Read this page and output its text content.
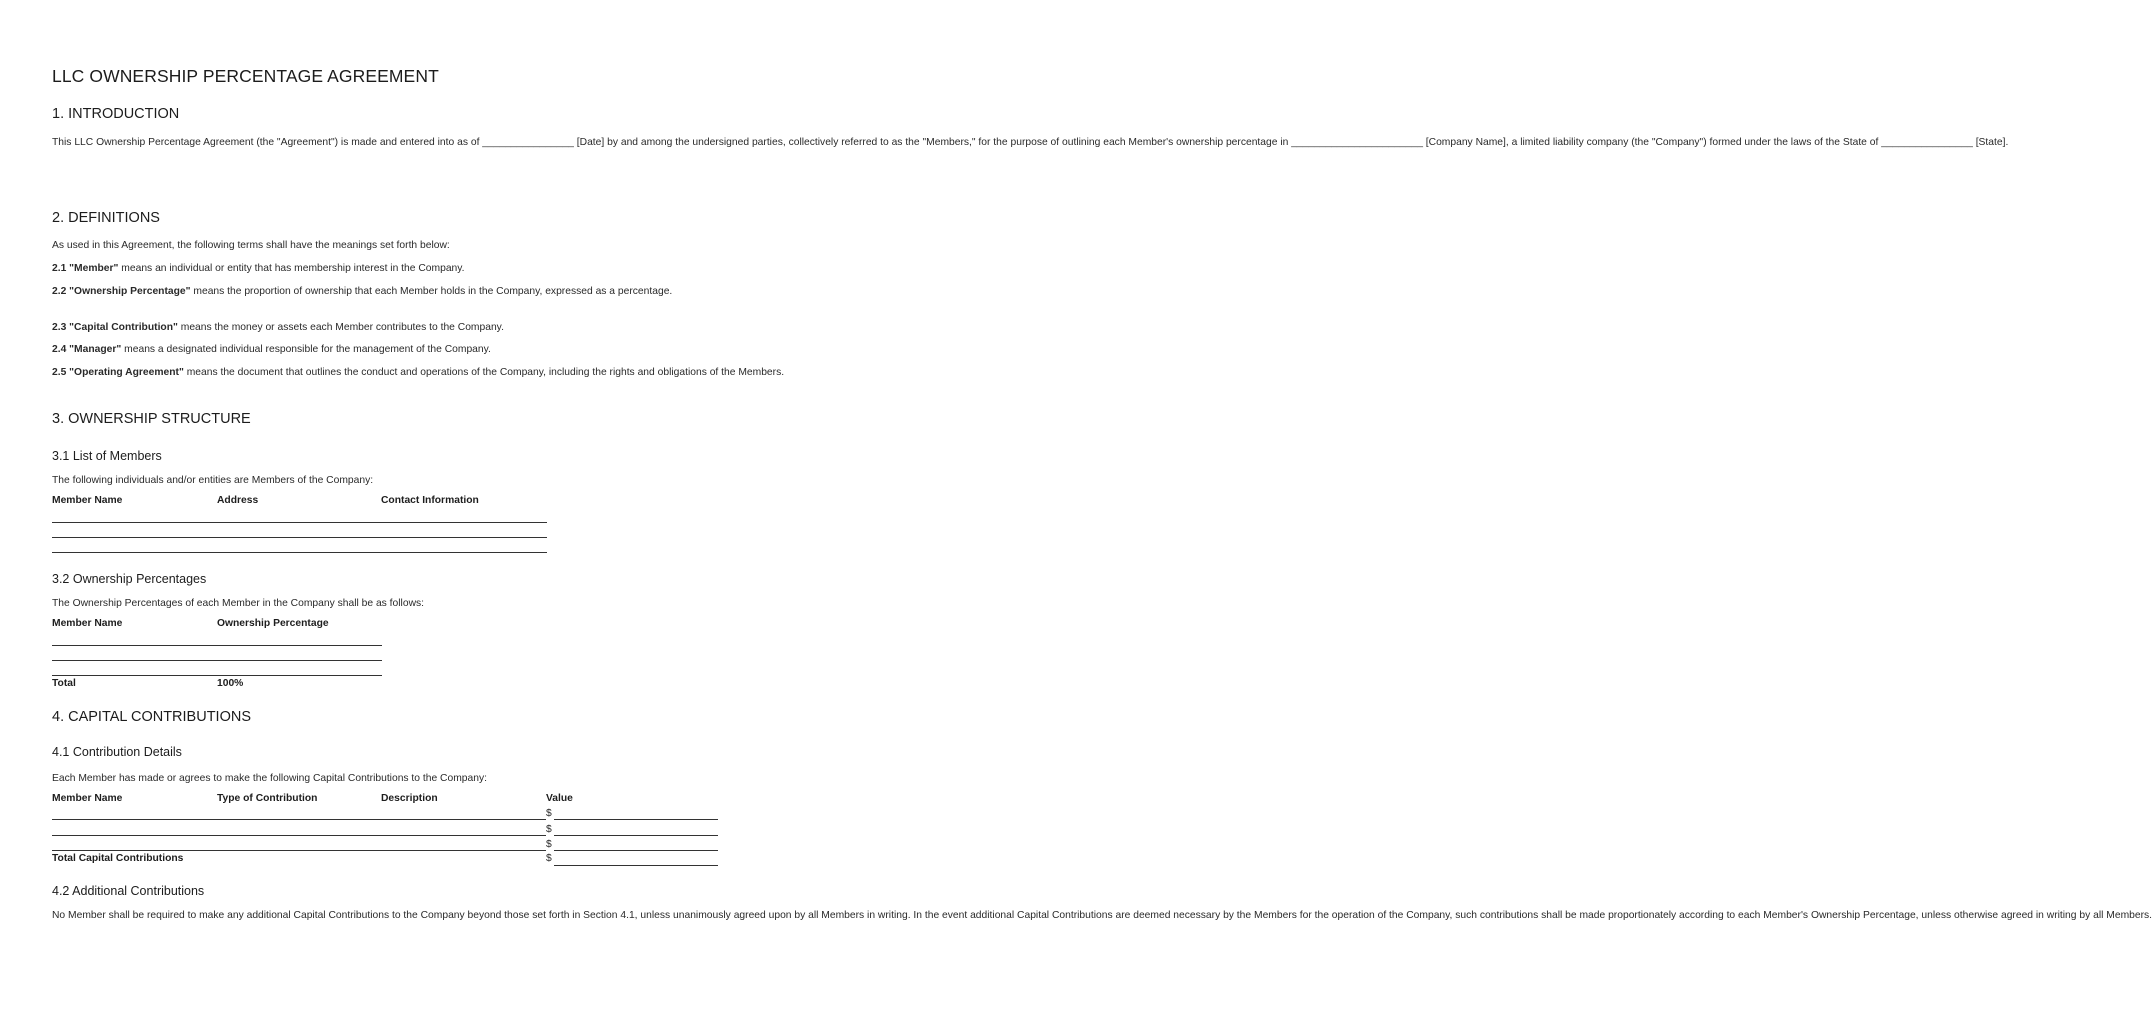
LLC OWNERSHIP PERCENTAGE AGREEMENT
1. INTRODUCTION

This LLC Ownership Percentage Agreement (the "Agreement") is made and entered into as of ________________ [Date] by and among the undersigned parties, collectively referred to as the "Members," for the purpose of outlining each Member's ownership percentage in _______________________ [Company Name], a limited liability company (the "Company") formed under the laws of the State of ________________ [State].

2. DEFINITIONS

As used in this Agreement, the following terms shall have the meanings set forth below:

2.1 "Member" means an individual or entity that has membership interest in the Company.

2.2 "Ownership Percentage" means the proportion of ownership that each Member holds in the Company, expressed as a percentage.

2.3 "Capital Contribution" means the money or assets each Member contributes to the Company.

2.4 "Manager" means a designated individual responsible for the management of the Company.

2.5 "Operating Agreement" means the document that outlines the conduct and operations of the Company, including the rights and obligations of the Members.

3. OWNERSHIP STRUCTURE
3.1 List of Members

The following individuals and/or entities are Members of the Company:

Member Name	Address	Contact Information
3.2 Ownership Percentages

The Ownership Percentages of each Member in the Company shall be as follows:

Member Name	Ownership Percentage
Total	100%
4. CAPITAL CONTRIBUTIONS
4.1 Contribution Details

Each Member has made or agrees to make the following Capital Contributions to the Company:

Member Name	Type of Contribution	Description	Value
$
$
$
Total Capital Contributions	$
4.2 Additional Contributions

No Member shall be required to make any additional Capital Contributions to the Company beyond those set forth in Section 4.1, unless unanimously agreed upon by all Members in writing. In the event additional Capital Contributions are deemed necessary by the Members for the operation of the Company, such contributions shall be made proportionately according to each Member's Ownership Percentage, unless otherwise agreed in writing by all Members.
